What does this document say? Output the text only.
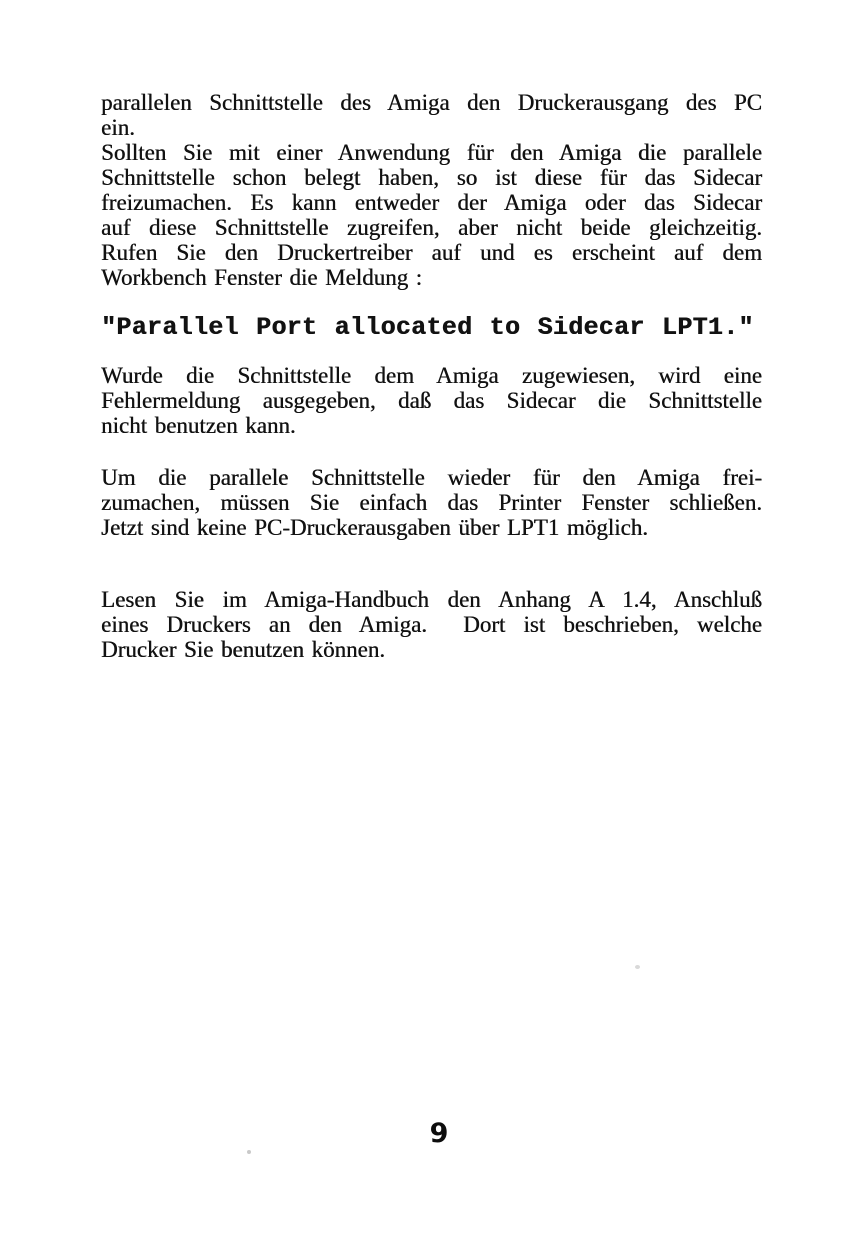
parallelen Schnittstelle des Amiga den Druckerausgang des PC
ein.
Sollten Sie mit einer Anwendung für den Amiga die parallele
Schnittstelle schon belegt haben, so ist diese für das Sidecar
freizumachen. Es kann entweder der Amiga oder das Sidecar
auf diese Schnittstelle zugreifen, aber nicht beide gleichzeitig.
Rufen Sie den Druckertreiber auf und es erscheint auf dem
Workbench Fenster die Meldung :
"Parallel Port allocated to Sidecar LPT1."
Wurde die Schnittstelle dem Amiga zugewiesen, wird eine
Fehlermeldung ausgegeben, daß das Sidecar die Schnittstelle
nicht benutzen kann.
Um die parallele Schnittstelle wieder für den Amiga frei-
zumachen, müssen Sie einfach das Printer Fenster schließen.
Jetzt sind keine PC-Druckerausgaben über LPT1 möglich.
Lesen Sie im Amiga-Handbuch den Anhang A 1.4, Anschluß
eines Druckers an den Amiga.  Dort ist beschrieben, welche
Drucker Sie benutzen können.
9
